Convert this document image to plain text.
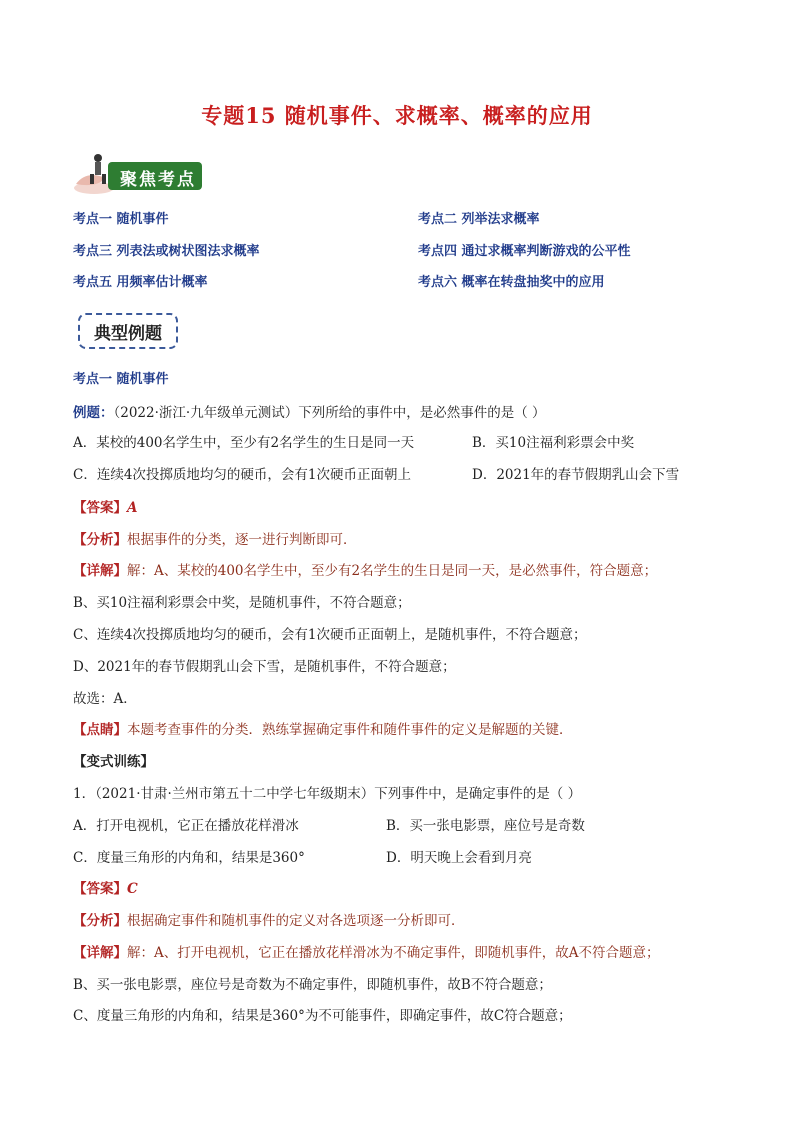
专题15 随机事件、求概率、概率的应用
聚焦考点
考点一 随机事件	考点二 列举法求概率
考点三 列表法或树状图法求概率	考点四 通过求概率判断游戏的公平性
考点五 用频率估计概率	考点六 概率在转盘抽奖中的应用
典型例题
考点一 随机事件
例题：（2022·浙江·九年级单元测试）下列所给的事件中，是必然事件的是（ ）
A．某校的400名学生中，至少有2名学生的生日是同一天	B．买10注福利彩票会中奖
C．连续4次投掷质地均匀的硬币，会有1次硬币正面朝上	D．2021年的春节假期乳山会下雪
【答案】A
【分析】根据事件的分类，逐一进行判断即可．
【详解】解：A、某校的400名学生中，至少有2名学生的生日是同一天，是必然事件，符合题意；
B、买10注福利彩票会中奖，是随机事件，不符合题意；
C、连续4次投掷质地均匀的硬币，会有1次硬币正面朝上，是随机事件，不符合题意；
D、2021年的春节假期乳山会下雪，是随机事件，不符合题意；
故选：A．
【点睛】本题考查事件的分类．熟练掌握确定事件和随件事件的定义是解题的关键．
【变式训练】
1．（2021·甘肃·兰州市第五十二中学七年级期末）下列事件中，是确定事件的是（ ）
A．打开电视机，它正在播放花样滑冰	B．买一张电影票，座位号是奇数
C．度量三角形的内角和，结果是360°	D．明天晚上会看到月亮
【答案】C
【分析】根据确定事件和随机事件的定义对各选项逐一分析即可．
【详解】解：A、打开电视机，它正在播放花样滑冰为不确定事件，即随机事件，故A不符合题意；
B、买一张电影票，座位号是奇数为不确定事件，即随机事件，故B不符合题意；
C、度量三角形的内角和，结果是360°为不可能事件，即确定事件，故C符合题意；
